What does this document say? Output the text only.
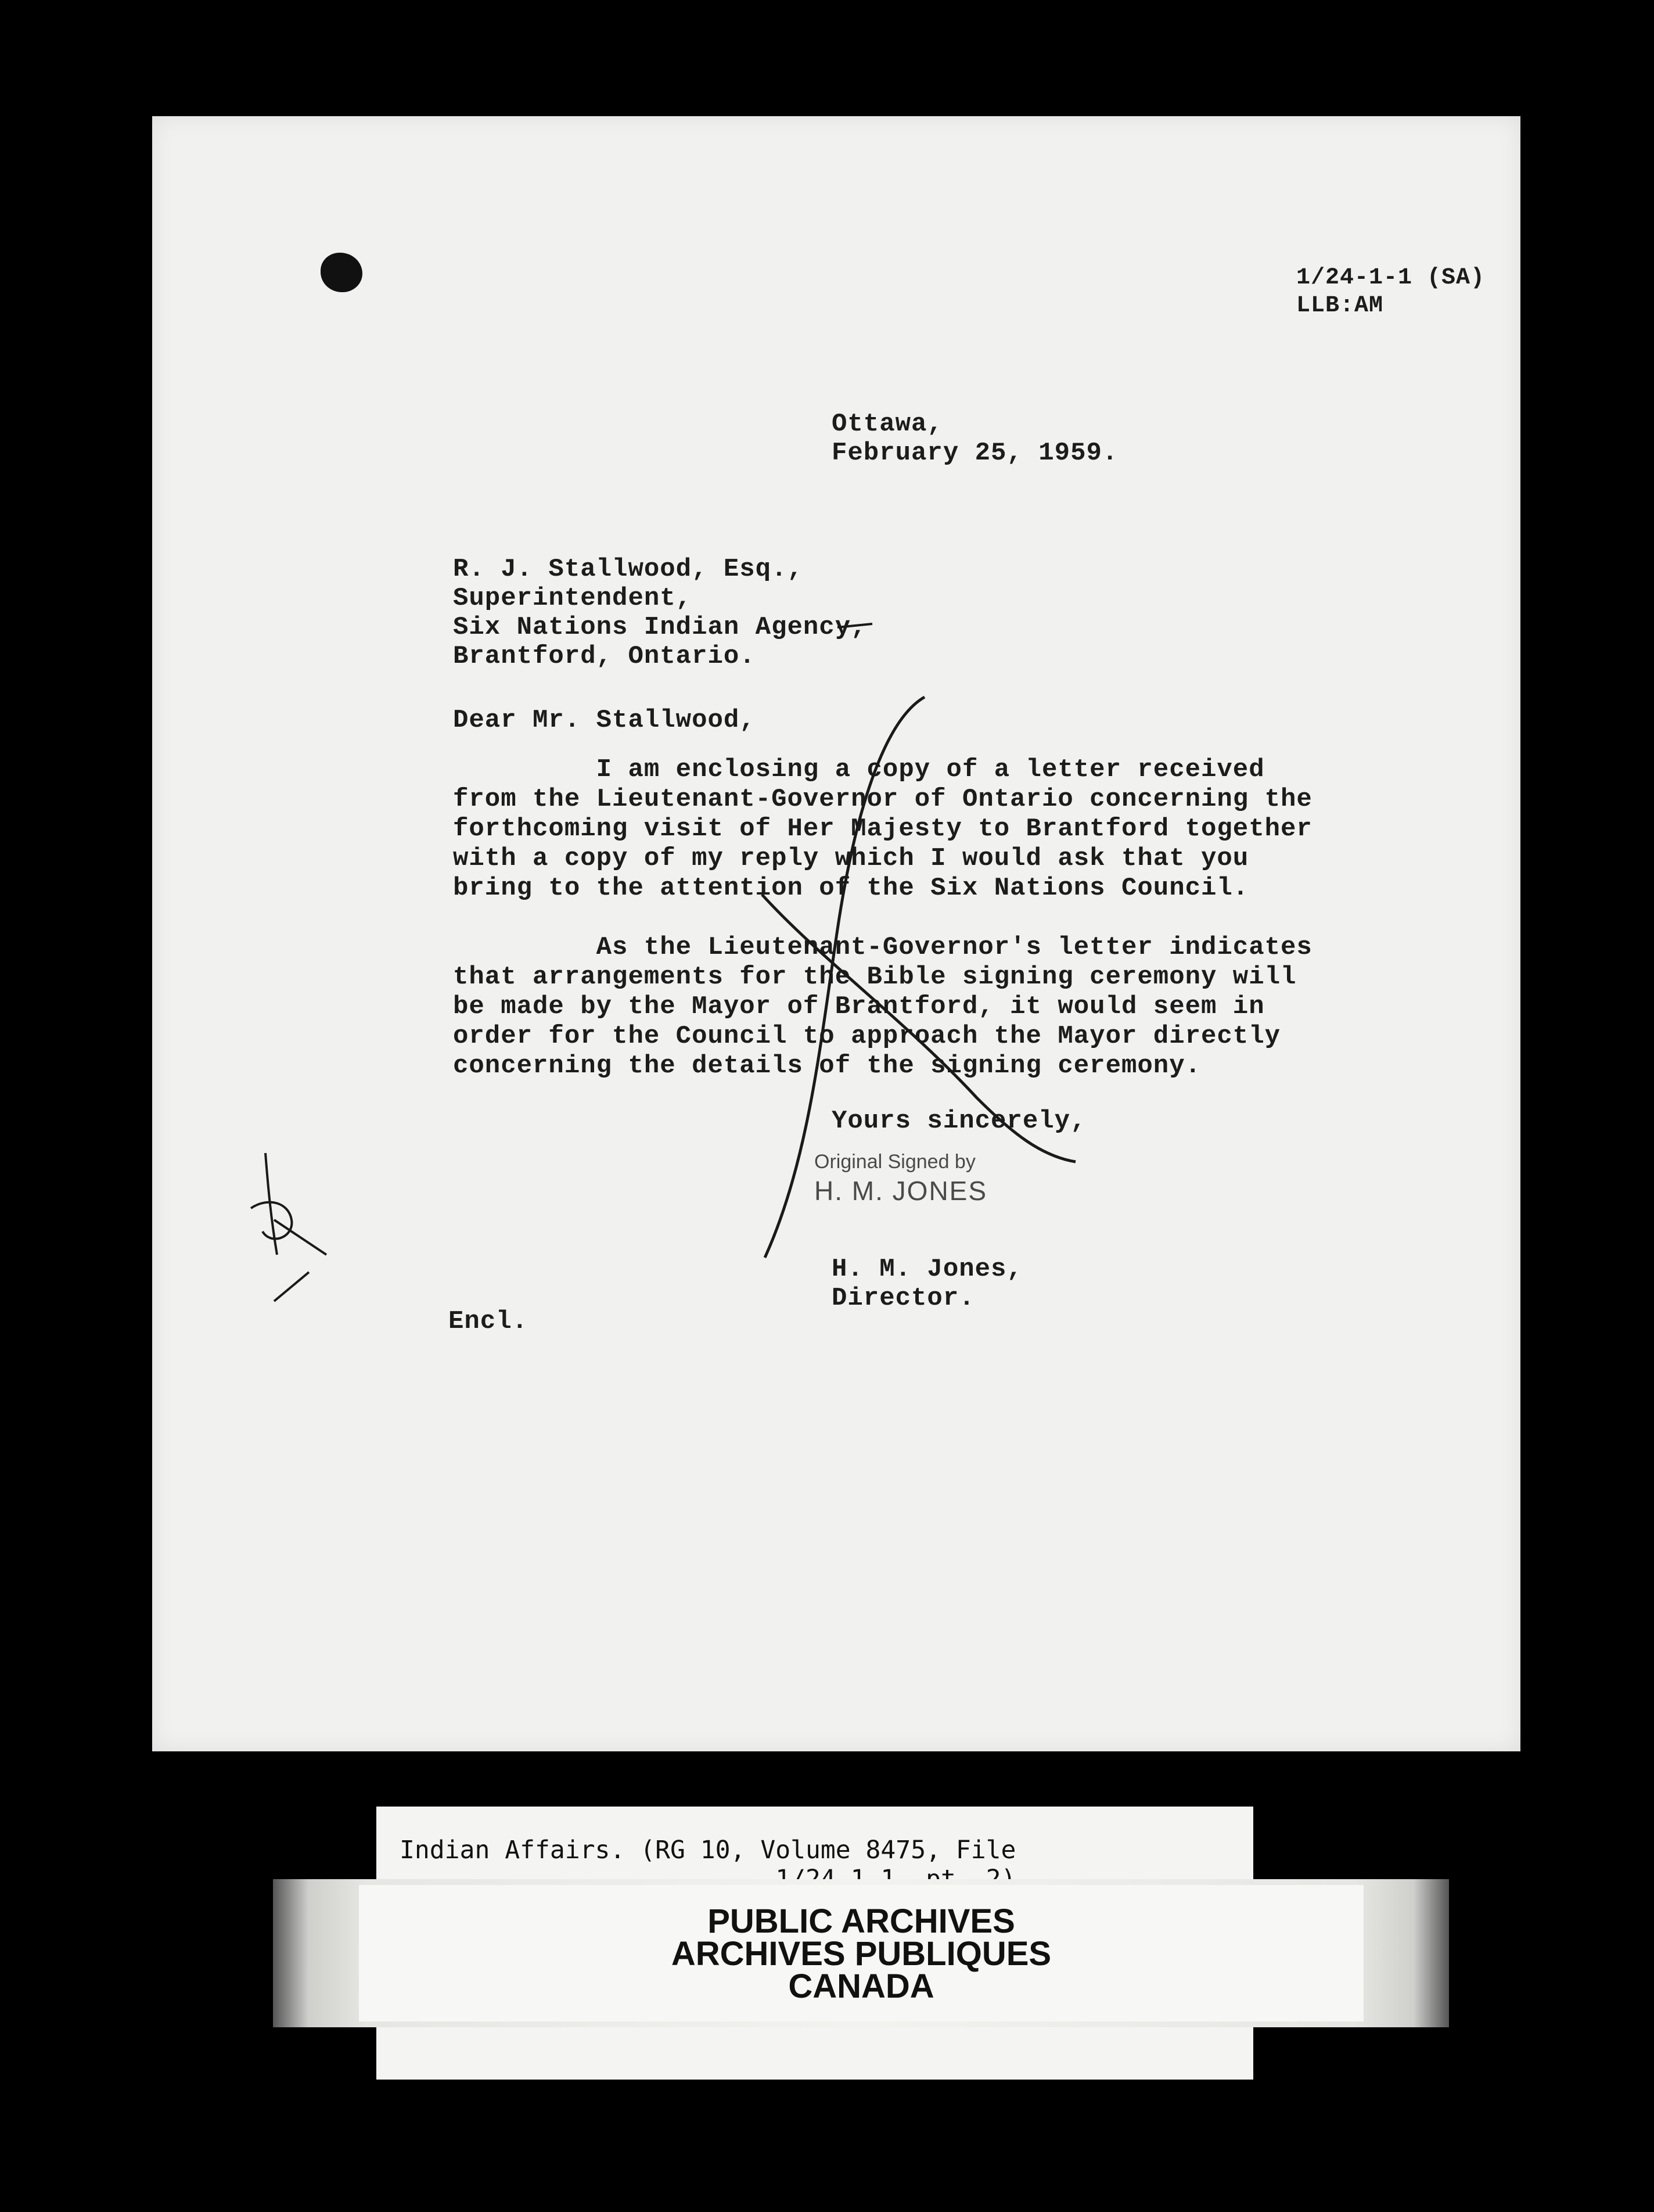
1/24-1-1 (SA)
LLB:AM
Ottawa,
February 25, 1959.
R. J. Stallwood, Esq.,
Superintendent,
Six Nations Indian Agency,
Brantford, Ontario.
Dear Mr. Stallwood,
I am enclosing a copy of a letter received
from the Lieutenant-Governor of Ontario concerning the
forthcoming visit of Her Majesty to Brantford together
with a copy of my reply which I would ask that you
bring to the attention of the Six Nations Council.

As the Lieutenant-Governor's letter indicates
that arrangements for the Bible signing ceremony will
be made by the Mayor of Brantford, it would seem in
order for the Council to approach the Mayor directly
concerning the details of the signing ceremony.
Yours sincerely,
Original Signed by
H. M. JONES
H. M. Jones,
Director.
Encl.
Indian Affairs. (RG 10, Volume 8475, File
PUBLIC ARCHIVES
ARCHIVES PUBLIQUES
CANADA
